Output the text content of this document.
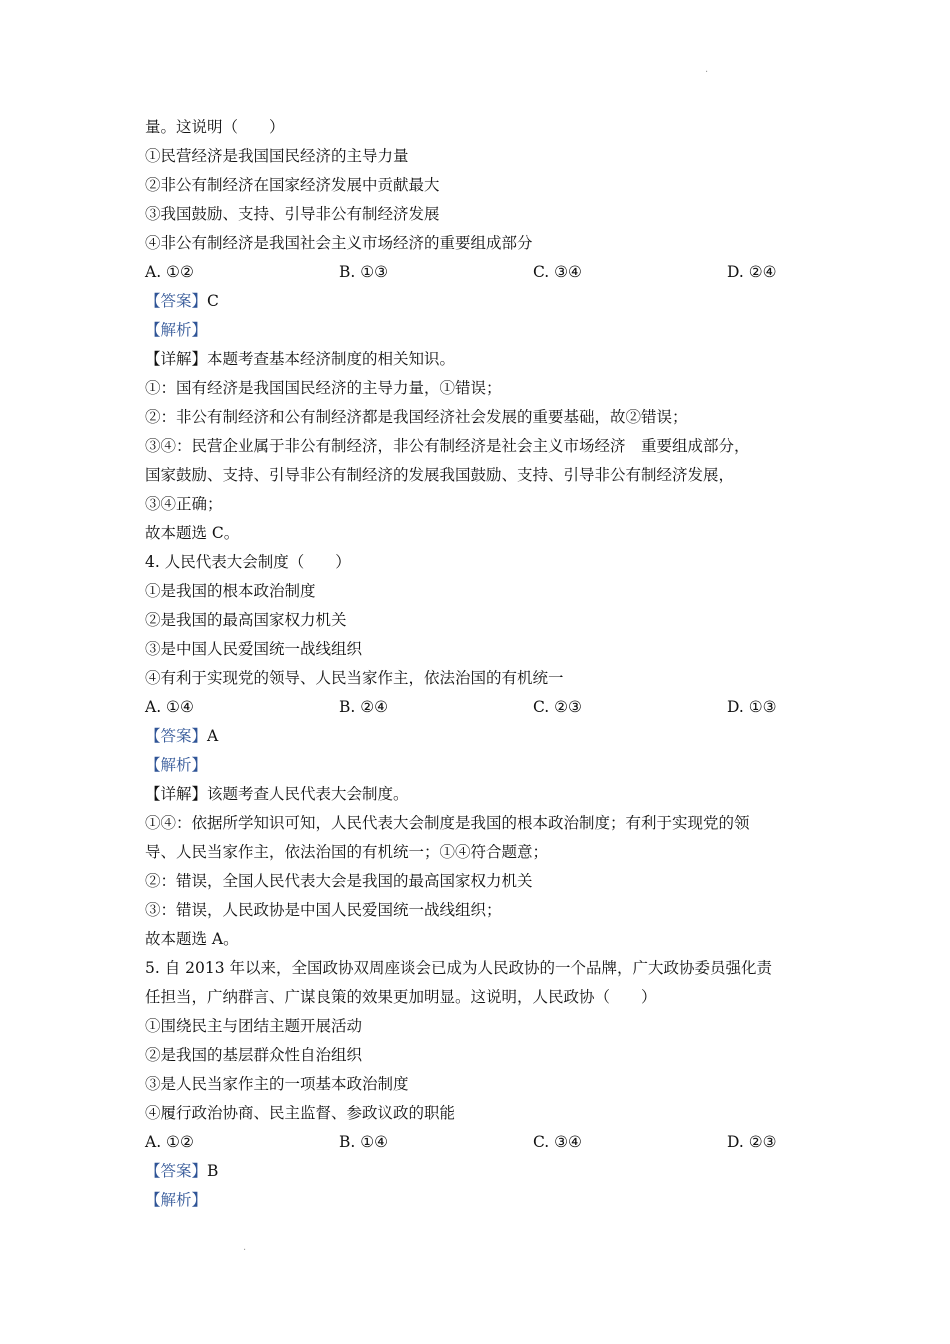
.
.
量。这说明（　　）
①民营经济是我国国民经济的主导力量
②非公有制经济在国家经济发展中贡献最大
③我国鼓励、支持、引导非公有制经济发展
④非公有制经济是我国社会主义市场经济的重要组成部分
A. ①②	B. ①③	C. ③④	D. ②④
【答案】C
【解析】
【详解】本题考查基本经济制度的相关知识。
①：国有经济是我国国民经济的主导力量，①错误；
②：非公有制经济和公有制经济都是我国经济社会发展的重要基础，故②错误；
③④：民营企业属于非公有制经济，非公有制经济是社会主义市场经济　重要组成部分，
国家鼓励、支持、引导非公有制经济的发展我国鼓励、支持、引导非公有制经济发展，
③④正确；
故本题选 C。
4. 人民代表大会制度（　　）
①是我国的根本政治制度
②是我国的最高国家权力机关
③是中国人民爱国统一战线组织
④有利于实现党的领导、人民当家作主，依法治国的有机统一
A. ①④	B. ②④	C. ②③	D. ①③
【答案】A
【解析】
【详解】该题考查人民代表大会制度。
①④：依据所学知识可知，人民代表大会制度是我国的根本政治制度；有利于实现党的领
导、人民当家作主，依法治国的有机统一；①④符合题意；
②：错误，全国人民代表大会是我国的最高国家权力机关
③：错误，人民政协是中国人民爱国统一战线组织；
故本题选 A。
5. 自 2013 年以来，全国政协双周座谈会已成为人民政协的一个品牌，广大政协委员强化责
任担当，广纳群言、广谋良策的效果更加明显。这说明，人民政协（　　）
①围绕民主与团结主题开展活动
②是我国的基层群众性自治组织
③是人民当家作主的一项基本政治制度
④履行政治协商、民主监督、参政议政的职能
A. ①②	B. ①④	C. ③④	D. ②③
【答案】B
【解析】
